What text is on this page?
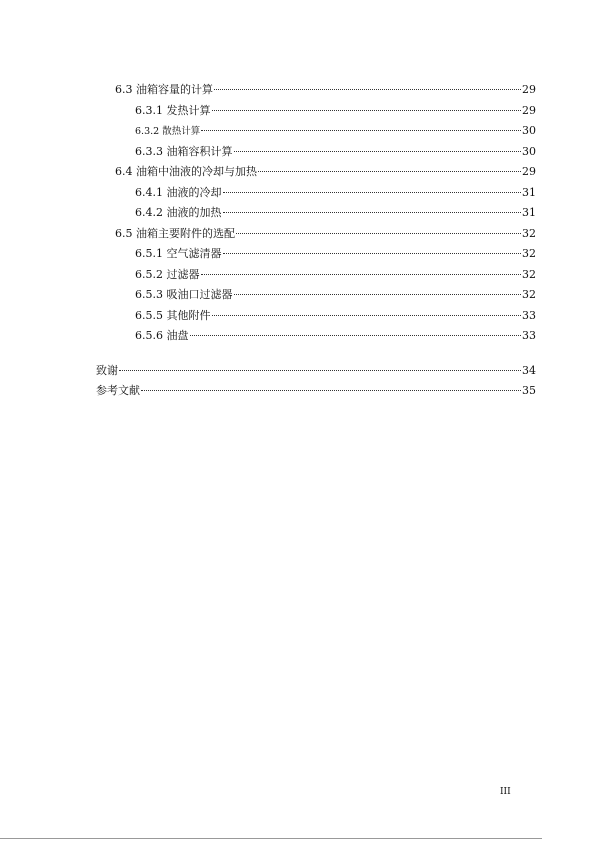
6.3 油箱容量的计算	29
6.3.1 发热计算	29
6.3.2 散热计算	30
6.3.3 油箱容积计算	30
6.4 油箱中油液的冷却与加热	29
6.4.1 油液的冷却	31
6.4.2 油液的加热	31
6.5 油箱主要附件的选配	32
6.5.1 空气滤清器	32
6.5.2 过滤器	32
6.5.3 吸油口过滤器	32
6.5.5 其他附件	33
6.5.6 油盘	33
致谢	34
参考文献	35
III
